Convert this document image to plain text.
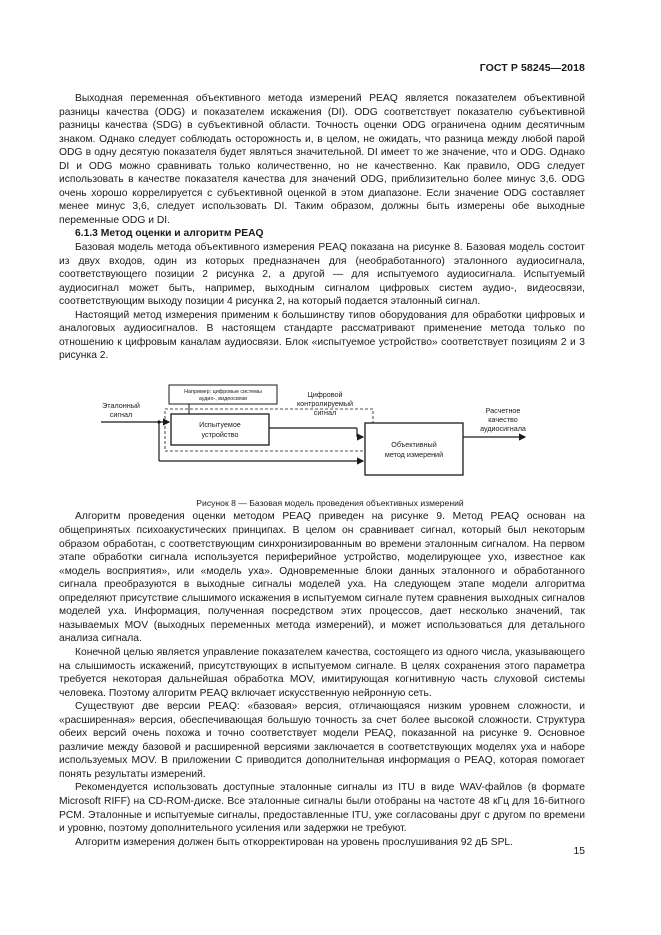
ГОСТ Р 58245—2018

Выходная переменная объективного метода измерений PEAQ является показателем объективной разницы качества (ODG) и показателем искажения (DI). ODG соответствует показателю субъективной разницы качества (SDG) в субъективной области. Точность оценки ODG ограничена одним десятичным знаком. Однако следует соблюдать осторожность и, в целом, не ожидать, что разница между любой парой ODG в одну десятую показателя будет являться значительной. DI имеет то же значение, что и ODG. Однако DI и ODG можно сравнивать только количественно, но не качественно. Как правило, ODG следует использовать в качестве показателя качества для значений ODG, приблизительно более минус 3,6. ODG очень хорошо коррелируется с субъективной оценкой в этом диапазоне. Если значение ODG составляет менее минус 3,6, следует использовать DI. Таким образом, должны быть измерены обе выходные переменные ODG и DI.

6.1.3 Метод оценки и алгоритм PEAQ

Базовая модель метода объективного измерения PEAQ показана на рисунке 8. Базовая модель состоит из двух входов, один из которых предназначен для (необработанного) эталонного аудиосигнала, соответствующего позиции 2 рисунка 2, а другой — для испытуемого аудиосигнала. Испытуемый аудиосигнал может быть, например, выходным сигналом цифровых систем аудио-, видеосвязи, соответствующим выходу позиции 4 рисунка 2, на который подается эталонный сигнал.

Настоящий метод измерения применим к большинству типов оборудования для обработки цифровых и аналоговых аудиосигналов. В настоящем стандарте рассматривают применение метода только по отношению к цифровым каналам аудиосвязи. Блок «испытуемое устройство» соответствует позициям 2 и 3 рисунка 2.

Например: цифровые системы
аудио-, видеосвязи
Эталонный
сигнал
Испытуемое
устройство
Цифровой
контролируемый
сигнал
Объективный
метод измерений
Расчетное
качество
аудиосигнала

Рисунок 8 — Базовая модель проведения объективных измерений

Алгоритм проведения оценки методом PEAQ приведен на рисунке 9. Метод PEAQ основан на общепринятых психоакустических принципах. В целом он сравнивает сигнал, который был некоторым образом обработан, с соответствующим синхронизированным во времени эталонным сигналом. На первом этапе обработки сигнала используется периферийное устройство, моделирующее ухо, известное как «модель восприятия», или «модель уха». Одновременные блоки данных эталонного и обработанного сигнала преобразуются в выходные сигналы моделей уха. На следующем этапе модели алгоритма определяют присутствие слышимого искажения в испытуемом сигнале путем сравнения выходных сигналов моделей уха. Информация, полученная посредством этих процессов, дает несколько значений, так называемых MOV (выходных переменных метода измерений), и может использоваться для детального анализа сигнала.

Конечной целью является управление показателем качества, состоящего из одного числа, указывающего на слышимость искажений, присутствующих в испытуемом сигнале. В целях сохранения этого параметра требуется некоторая дальнейшая обработка MOV, имитирующая когнитивную часть слуховой системы человека. Поэтому алгоритм PEAQ включает искусственную нейронную сеть.

Существуют две версии PEAQ: «базовая» версия, отличающаяся низким уровнем сложности, и «расширенная» версия, обеспечивающая большую точность за счет более высокой сложности. Структура обеих версий очень похожа и точно соответствует модели PEAQ, показанной на рисунке 9. Основное различие между базовой и расширенной версиями заключается в соответствующих моделях уха и наборе используемых MOV. В приложении C приводится дополнительная информация о PEAQ, которая помогает понять результаты измерений.

Рекомендуется использовать доступные эталонные сигналы из ITU в виде WAV-файлов (в формате Microsoft RIFF) на CD-ROM-диске. Все эталонные сигналы были отобраны на частоте 48 кГц для 16-битного PCM. Эталонные и испытуемые сигналы, предоставленные ITU, уже согласованы друг с другом по времени и уровню, поэтому дополнительного усиления или задержки не требуют.

Алгоритм измерения должен быть откорректирован на уровень прослушивания 92 дБ SPL.

15
